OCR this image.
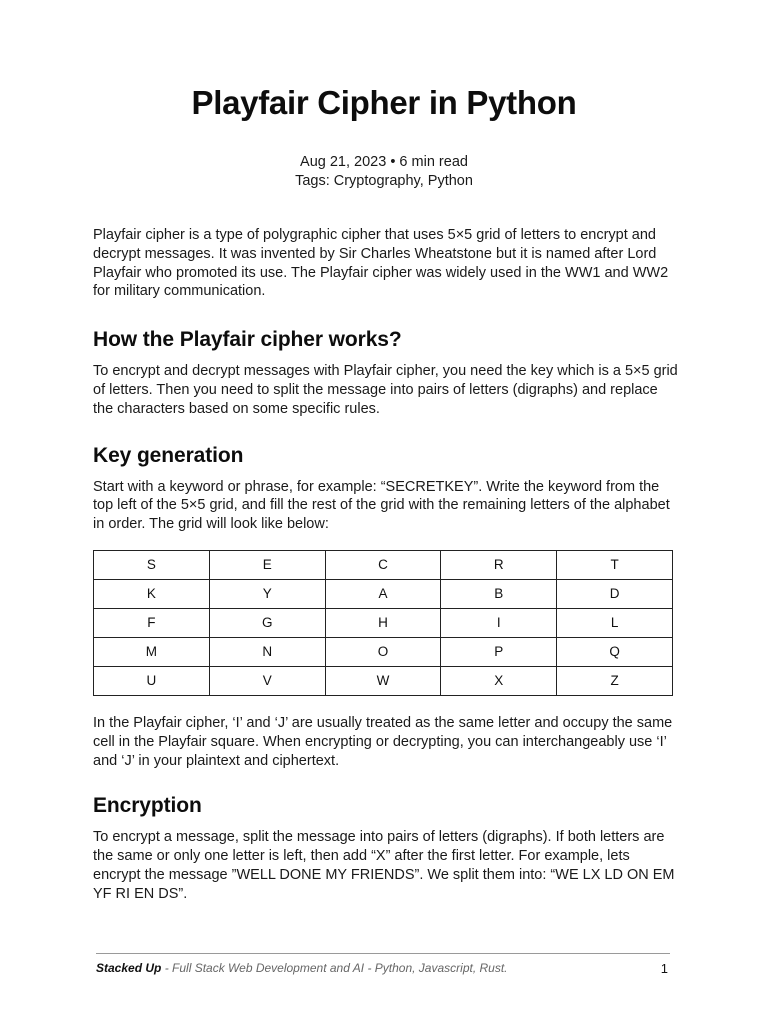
Playfair Cipher in Python
Aug 21, 2023 • 6 min read
Tags: Cryptography, Python

Playfair cipher is a type of polygraphic cipher that uses 5×5 grid of letters to encrypt and decrypt messages. It was invented by Sir Charles Wheatstone but it is named after Lord Playfair who promoted its use. The Playfair cipher was widely used in the WW1 and WW2 for military communication.

How the Playfair cipher works?

To encrypt and decrypt messages with Playfair cipher, you need the key which is a 5×5 grid of letters. Then you need to split the message into pairs of letters (digraphs) and replace the characters based on some specific rules.

Key generation

Start with a keyword or phrase, for example: “SECRETKEY”. Write the keyword from the top left of the 5×5 grid, and fill the rest of the grid with the remaining letters of the alphabet in order. The grid will look like below:

S	E	C	R	T
K	Y	A	B	D
F	G	H	I	L
M	N	O	P	Q
U	V	W	X	Z

In the Playfair cipher, ‘I’ and ‘J’ are usually treated as the same letter and occupy the same cell in the Playfair square. When encrypting or decrypting, you can interchangeably use ‘I’ and ‘J’ in your plaintext and ciphertext.

Encryption

To encrypt a message, split the message into pairs of letters (digraphs). If both letters are the same or only one letter is left, then add “X” after the first letter. For example, lets encrypt the message ”WELL DONE MY FRIENDS”. We split them into: “WE LX LD ON EM YF RI EN DS”.

Stacked Up - Full Stack Web Development and AI - Python, Javascript, Rust.	1
